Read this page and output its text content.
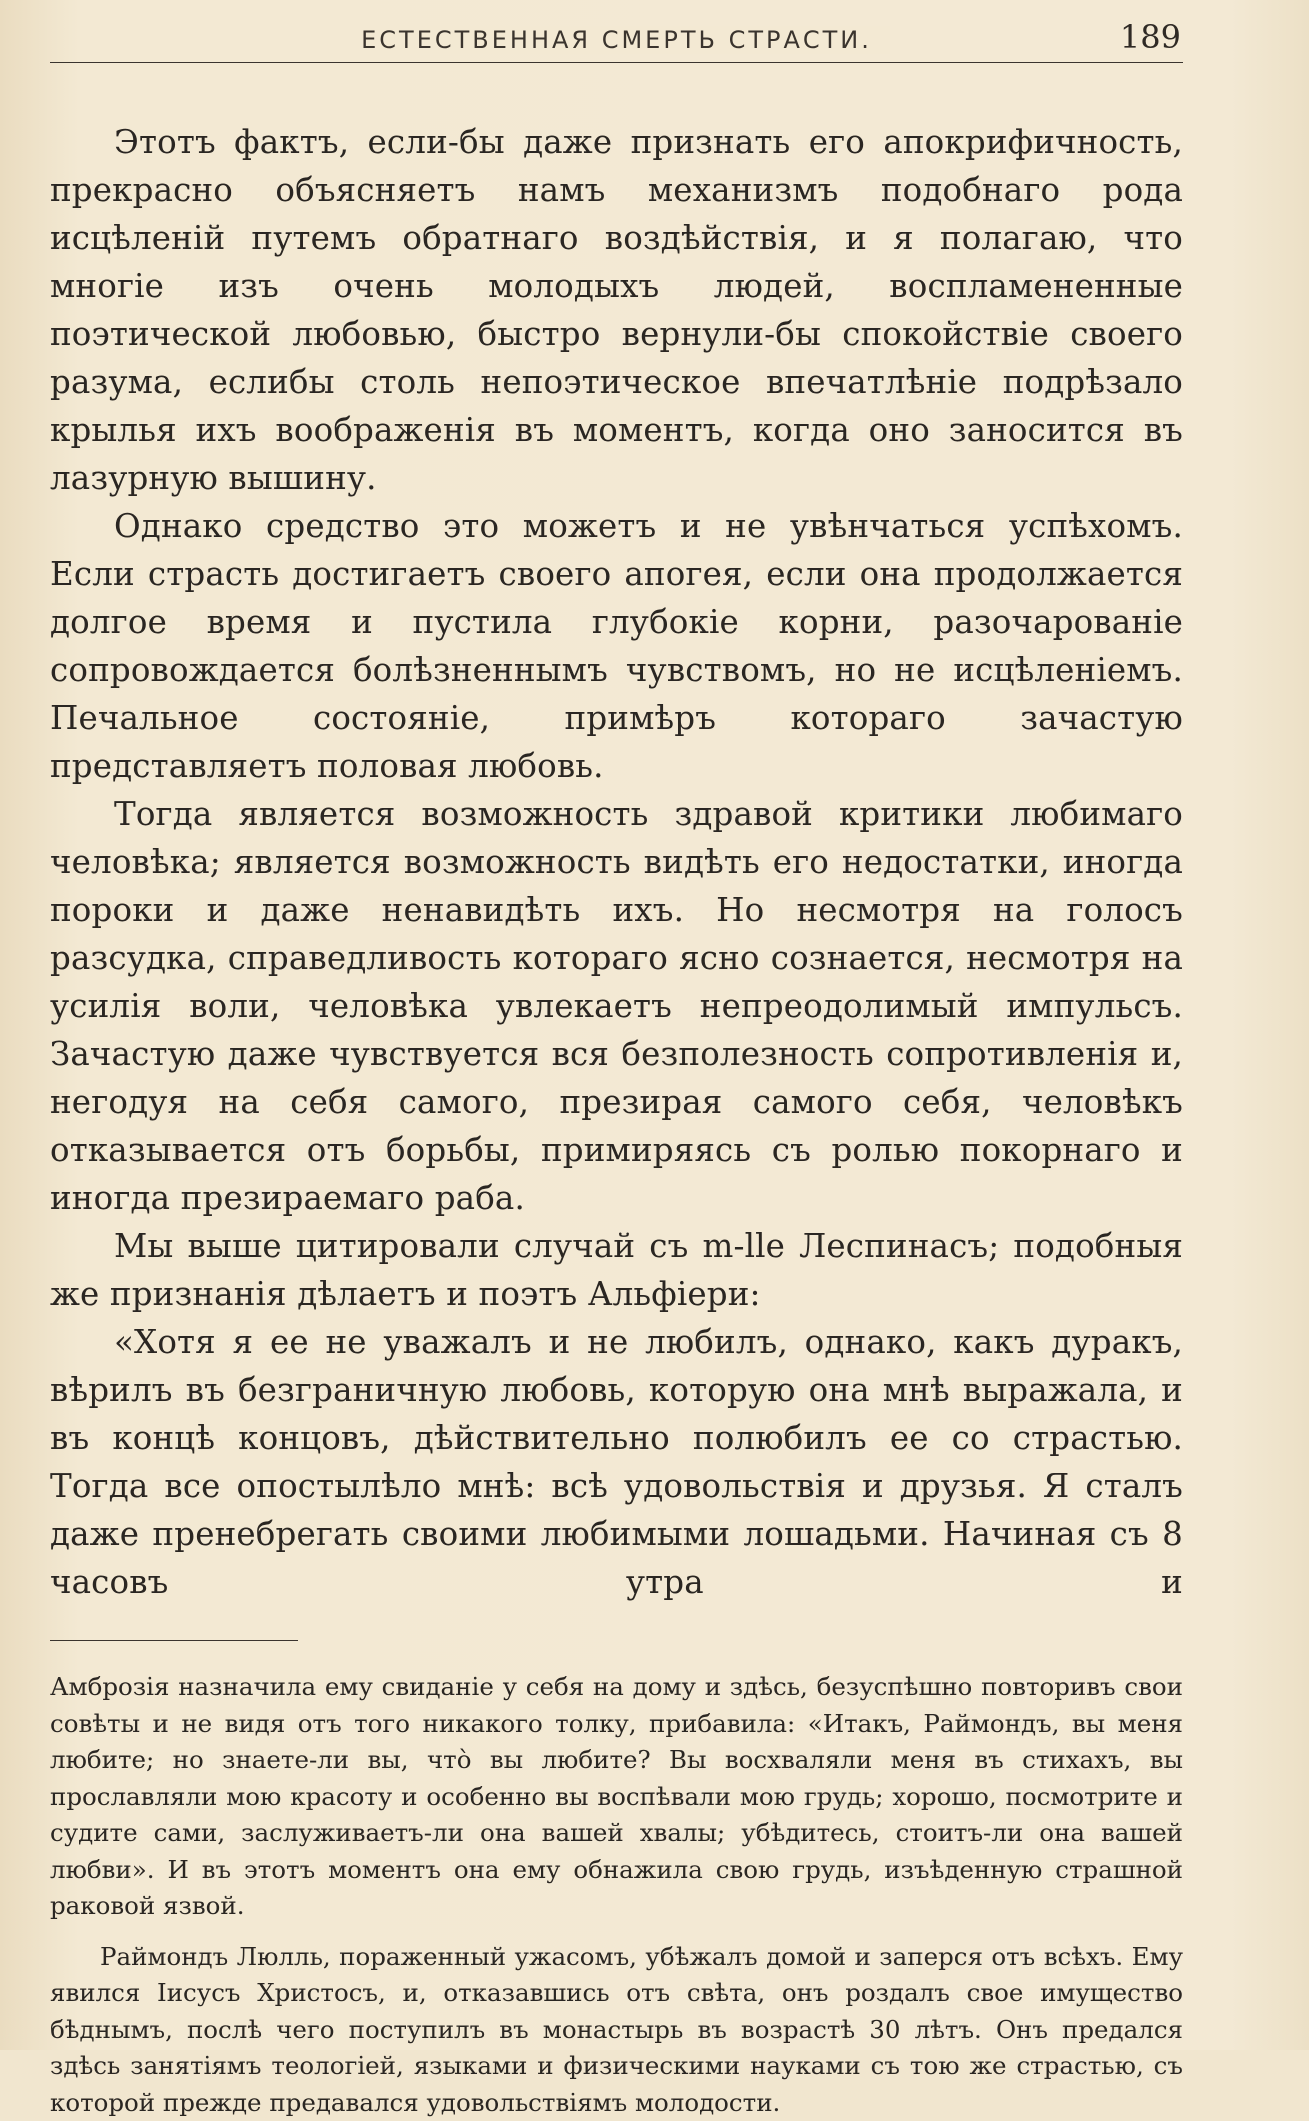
ЕСТЕСТВЕННАЯ СМЕРТЬ СТРАСТИ.	189

Этотъ фактъ, если-бы даже признать его апокрифичность, прекрасно объясняетъ намъ механизмъ подобнаго рода исцѣленій путемъ обратнаго воздѣйствія, и я полагаю, что многіе изъ очень молодыхъ людей, воспламененные поэтической любовью, быстро вернули-бы спокойствіе своего разума, еслибы столь непоэтическое впечатлѣніе подрѣзало крылья ихъ воображенія въ моментъ, когда оно заносится въ лазурную вышину.

Однако средство это можетъ и не увѣнчаться успѣхомъ. Если страсть достигаетъ своего апогея, если она продолжается долгое время и пустила глубокіе корни, разочарованіе сопровождается болѣзненнымъ чувствомъ, но не исцѣленіемъ. Печальное состояніе, примѣръ котораго зачастую представляетъ половая любовь.

Тогда является возможность здравой критики любимаго человѣка; является возможность видѣть его недостатки, иногда пороки и даже ненавидѣть ихъ. Но несмотря на голосъ разсудка, справедливость котораго ясно сознается, несмотря на усилія воли, человѣка увлекаетъ непреодолимый импульсъ. Зачастую даже чувствуется вся безполезность сопротивленія и, негодуя на себя самого, презирая самого себя, человѣкъ отказывается отъ борьбы, примиряясь съ ролью покорнаго и иногда презираемаго раба.

Мы выше цитировали случай съ m-lle Леспинасъ; подобныя же признанія дѣлаетъ и поэтъ Альфіери:

«Хотя я ее не уважалъ и не любилъ, однако, какъ дуракъ, вѣрилъ въ безграничную любовь, которую она мнѣ выражала, и въ концѣ концовъ, дѣйствительно полюбилъ ее со страстью. Тогда все опостылѣло мнѣ: всѣ удовольствія и друзья. Я сталъ даже пренебрегать своими любимыми лошадьми. Начиная съ 8 часовъ утра и

Амброзія назначила ему свиданіе у себя на дому и здѣсь, безуспѣшно повторивъ свои совѣты и не видя отъ того никакого толку, прибавила: «Итакъ, Раймондъ, вы меня любите; но знаете-ли вы, что̀ вы любите? Вы восхваляли меня въ стихахъ, вы прославляли мою красоту и особенно вы воспѣвали мою грудь; хорошо, посмотрите и судите сами, заслуживаетъ-ли она вашей хвалы; убѣдитесь, стоитъ-ли она вашей любви». И въ этотъ моментъ она ему обнажила свою грудь, изъѣденную страшной раковой язвой.

Раймондъ Люлль, пораженный ужасомъ, убѣжалъ домой и заперся отъ всѣхъ. Ему явился Іисусъ Христосъ, и, отказавшись отъ свѣта, онъ роздалъ свое имущество бѣднымъ, послѣ чего поступилъ въ монастырь въ возрастѣ 30 лѣтъ. Онъ предался здѣсь занятіямъ теологіей, языками и физическими науками съ тою же страстью, съ которой прежде предавался удовольствіямъ молодости.
